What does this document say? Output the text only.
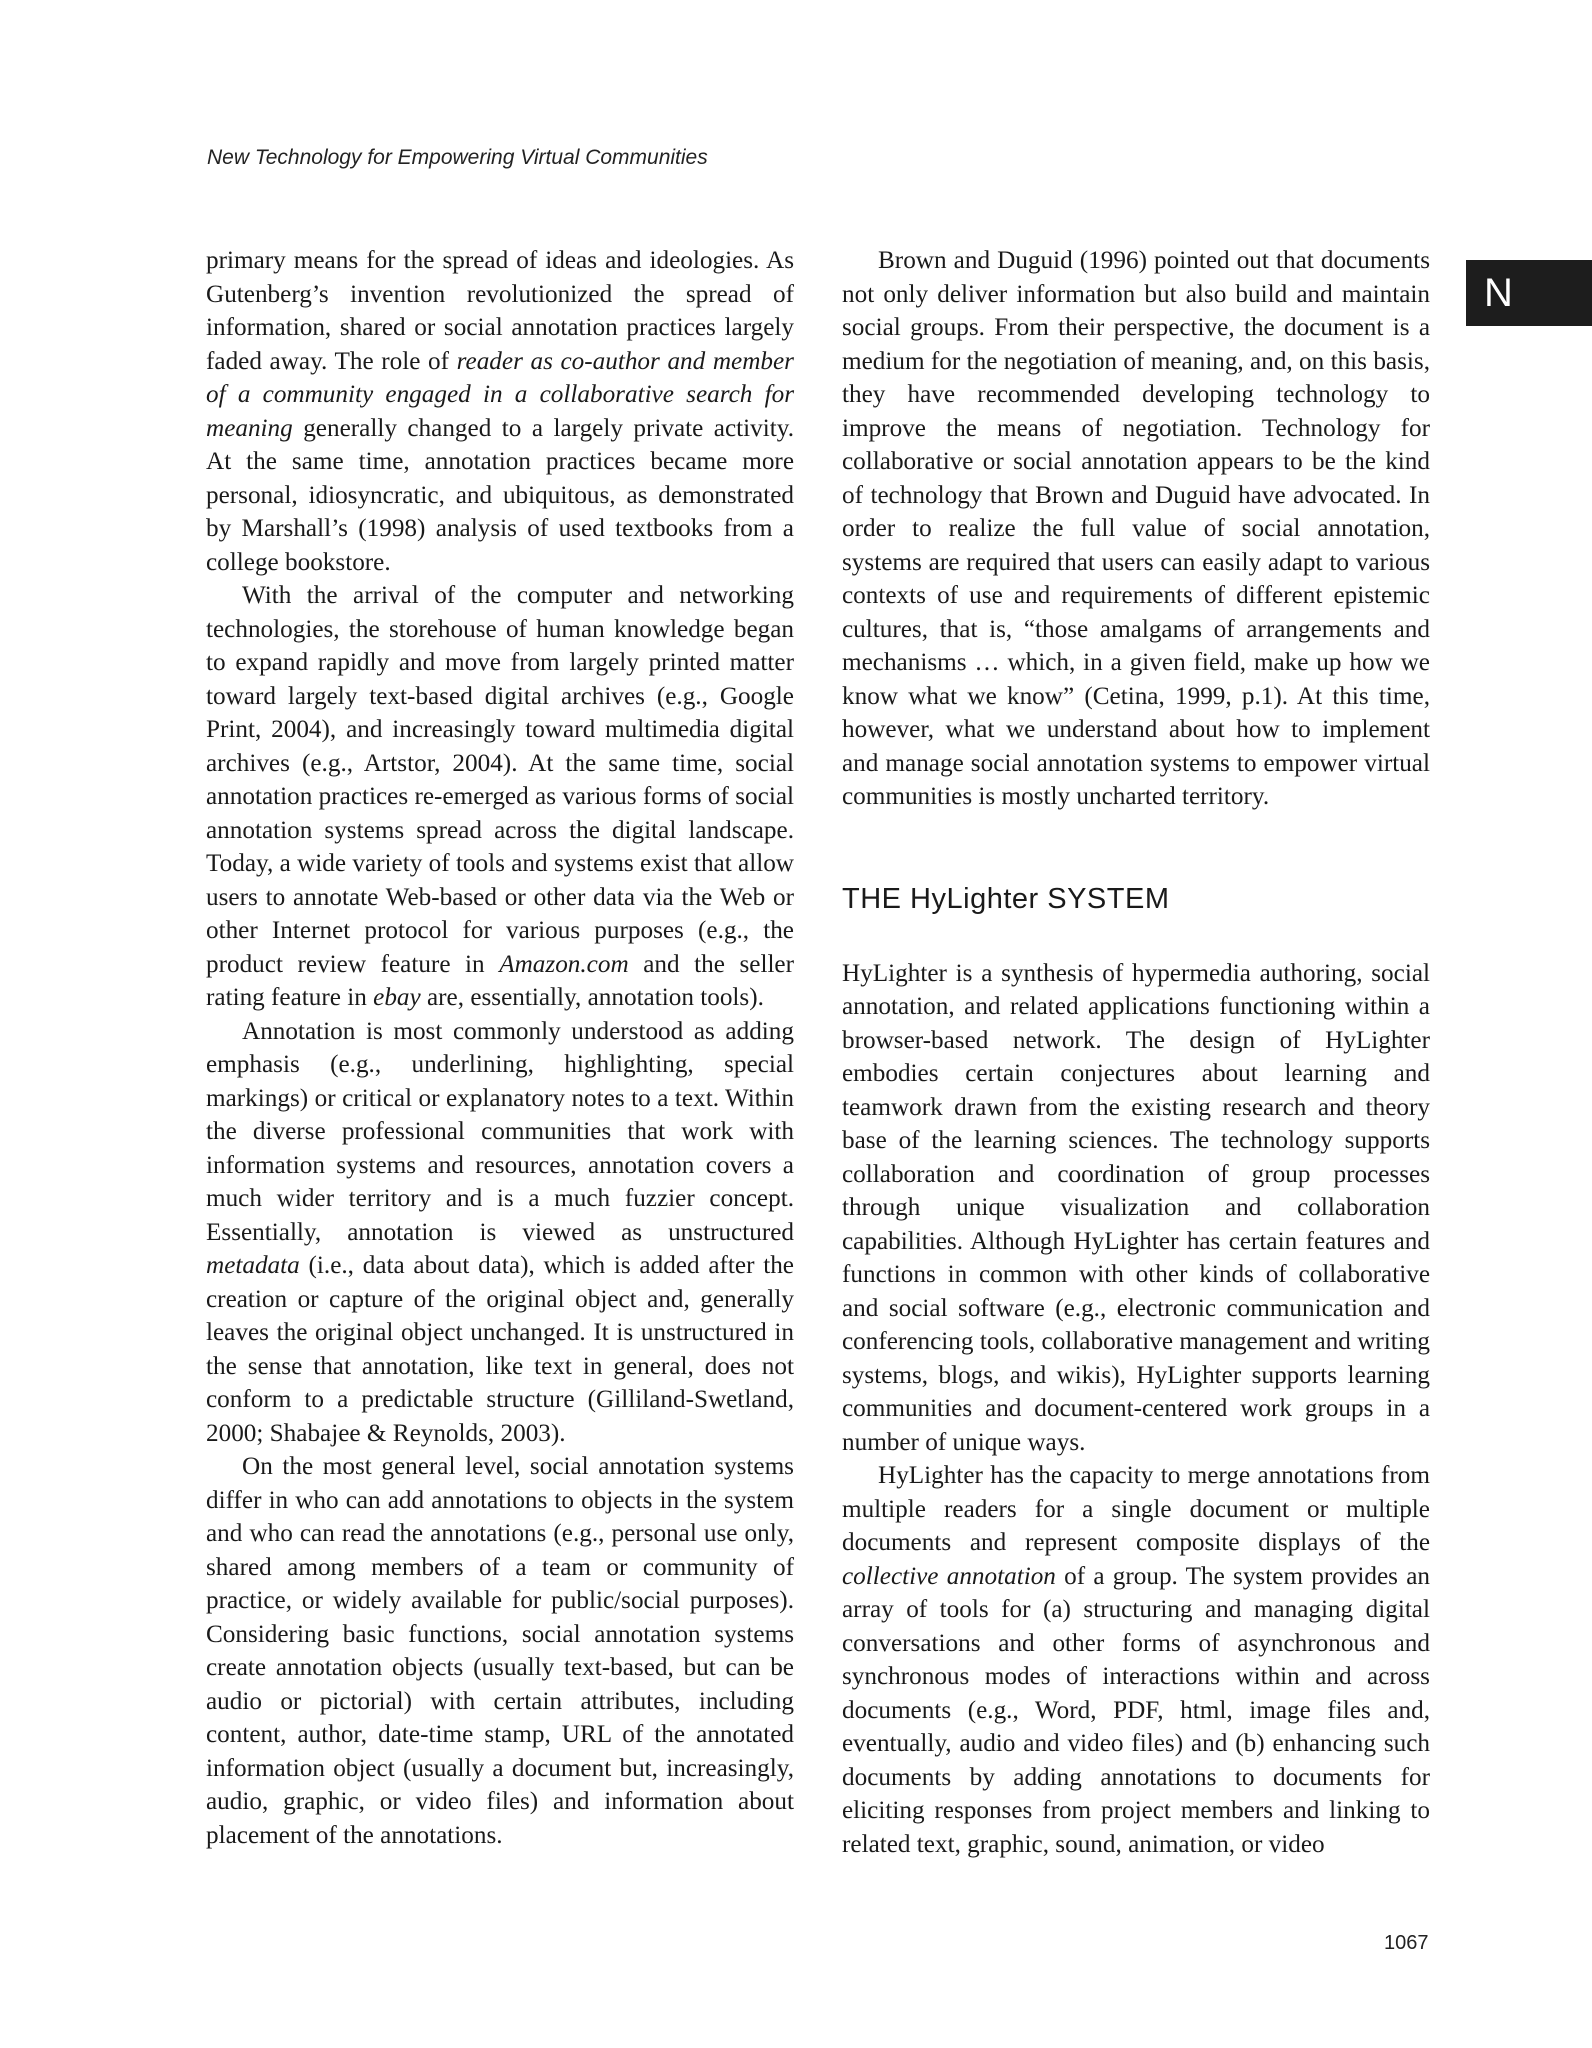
New Technology for Empowering Virtual Communities

N

primary means for the spread of ideas and ideologies. As Gutenberg’s invention revolutionized the spread of information, shared or social annotation practices largely faded away. The role of reader as co-author and member of a community engaged in a collaborative search for meaning generally changed to a largely private activity. At the same time, annotation practices became more personal, idiosyncratic, and ubiquitous, as demonstrated by Marshall’s (1998) analysis of used textbooks from a college bookstore.

With the arrival of the computer and networking technologies, the storehouse of human knowledge began to expand rapidly and move from largely printed matter toward largely text-based digital archives (e.g., Google Print, 2004), and increasingly toward multimedia digital archives (e.g., Artstor, 2004). At the same time, social annotation practices re-emerged as various forms of social annotation systems spread across the digital landscape. Today, a wide variety of tools and systems exist that allow users to annotate Web-based or other data via the Web or other Internet protocol for various purposes (e.g., the product review feature in Amazon.com and the seller rating feature in ebay are, essentially, annotation tools).

Annotation is most commonly understood as adding emphasis (e.g., underlining, highlighting, special markings) or critical or explanatory notes to a text. Within the diverse professional communities that work with information systems and resources, annotation covers a much wider territory and is a much fuzzier concept. Essentially, annotation is viewed as unstructured metadata (i.e., data about data), which is added after the creation or capture of the original object and, generally leaves the original object unchanged. It is unstructured in the sense that annotation, like text in general, does not conform to a predictable structure (Gilliland-Swetland, 2000; Shabajee & Reynolds, 2003).

On the most general level, social annotation systems differ in who can add annotations to objects in the system and who can read the annotations (e.g., personal use only, shared among members of a team or community of practice, or widely available for public/social purposes). Considering basic functions, social annotation systems create annotation objects (usually text-based, but can be audio or pictorial) with certain attributes, including content, author, date-time stamp, URL of the annotated information object (usually a document but, increasingly, audio, graphic, or video files) and information about placement of the annotations.

Brown and Duguid (1996) pointed out that documents not only deliver information but also build and maintain social groups. From their perspective, the document is a medium for the negotiation of meaning, and, on this basis, they have recommended developing technology to improve the means of negotiation. Technology for collaborative or social annotation appears to be the kind of technology that Brown and Duguid have advocated. In order to realize the full value of social annotation, systems are required that users can easily adapt to various contexts of use and requirements of different epistemic cultures, that is, “those amalgams of arrangements and mechanisms … which, in a given field, make up how we know what we know” (Cetina, 1999, p.1). At this time, however, what we understand about how to implement and manage social annotation systems to empower virtual communities is mostly uncharted territory.

THE HyLighter SYSTEM

HyLighter is a synthesis of hypermedia authoring, social annotation, and related applications functioning within a browser-based network. The design of HyLighter embodies certain conjectures about learning and teamwork drawn from the existing research and theory base of the learning sciences. The technology supports collaboration and coordination of group processes through unique visualization and collaboration capabilities. Although HyLighter has certain features and functions in common with other kinds of collaborative and social software (e.g., electronic communication and conferencing tools, collaborative management and writing systems, blogs, and wikis), HyLighter supports learning communities and document-centered work groups in a number of unique ways.

HyLighter has the capacity to merge annotations from multiple readers for a single document or multiple documents and represent composite displays of the collective annotation of a group. The system provides an array of tools for (a) structuring and managing digital conversations and other forms of asynchronous and synchronous modes of interactions within and across documents (e.g., Word, PDF, html, image files and, eventually, audio and video files) and (b) enhancing such documents by adding annotations to documents for eliciting responses from project members and linking to related text, graphic, sound, animation, or video

1067
